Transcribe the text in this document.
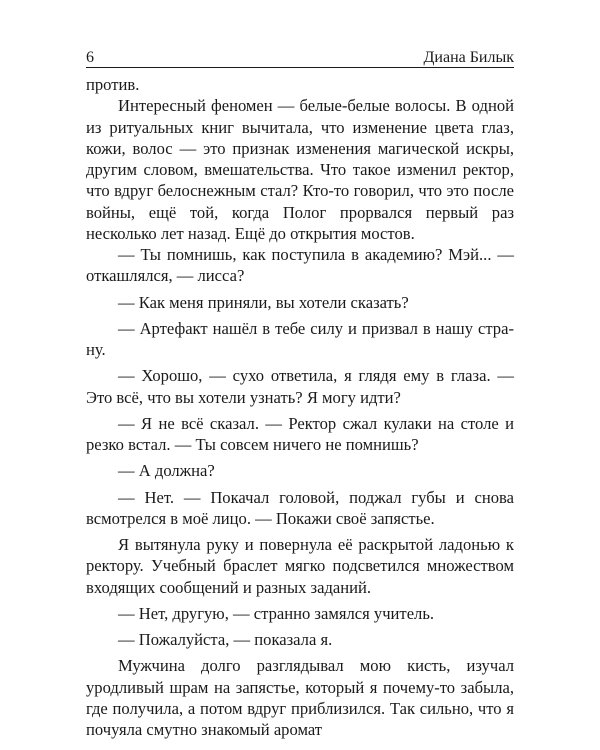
6	Диана Билык

против.

Интересный феномен — белые-белые волосы. В одной из ритуальных книг вычитала, что изменение цвета глаз, кожи, волос — это признак изменения магической искры, другим словом, вмешательства. Что такое изменил ректор, что вдруг белоснежным стал? Кто-то говорил, что это после войны, ещё той, когда Полог прорвался первый раз несколько лет назад. Ещё до открытия мостов.

— Ты помнишь, как поступила в академию? Мэй... — откашлялся, — лисса?

— Как меня приняли, вы хотели сказать?

— Артефакт нашёл в тебе силу и призвал в нашу страну.

— Хорошо, — сухо ответила, я глядя ему в глаза. — Это всё, что вы хотели узнать? Я могу идти?

— Я не всё сказал. — Ректор сжал кулаки на столе и резко встал. — Ты совсем ничего не помнишь?

— А должна?

— Нет. — Покачал головой, поджал губы и снова всмотрелся в моё лицо. — Покажи своё запястье.

Я вытянула руку и повернула её раскрытой ладонью к ректору. Учебный браслет мягко подсветился множеством входящих сообщений и разных заданий.

— Нет, другую, — странно замялся учитель.

— Пожалуйста, — показала я.

Мужчина долго разглядывал мою кисть, изучал уродливый шрам на запястье, который я почему-то забыла, где получила, а потом вдруг приблизился. Так сильно, что я почуяла смутно знакомый аромат
